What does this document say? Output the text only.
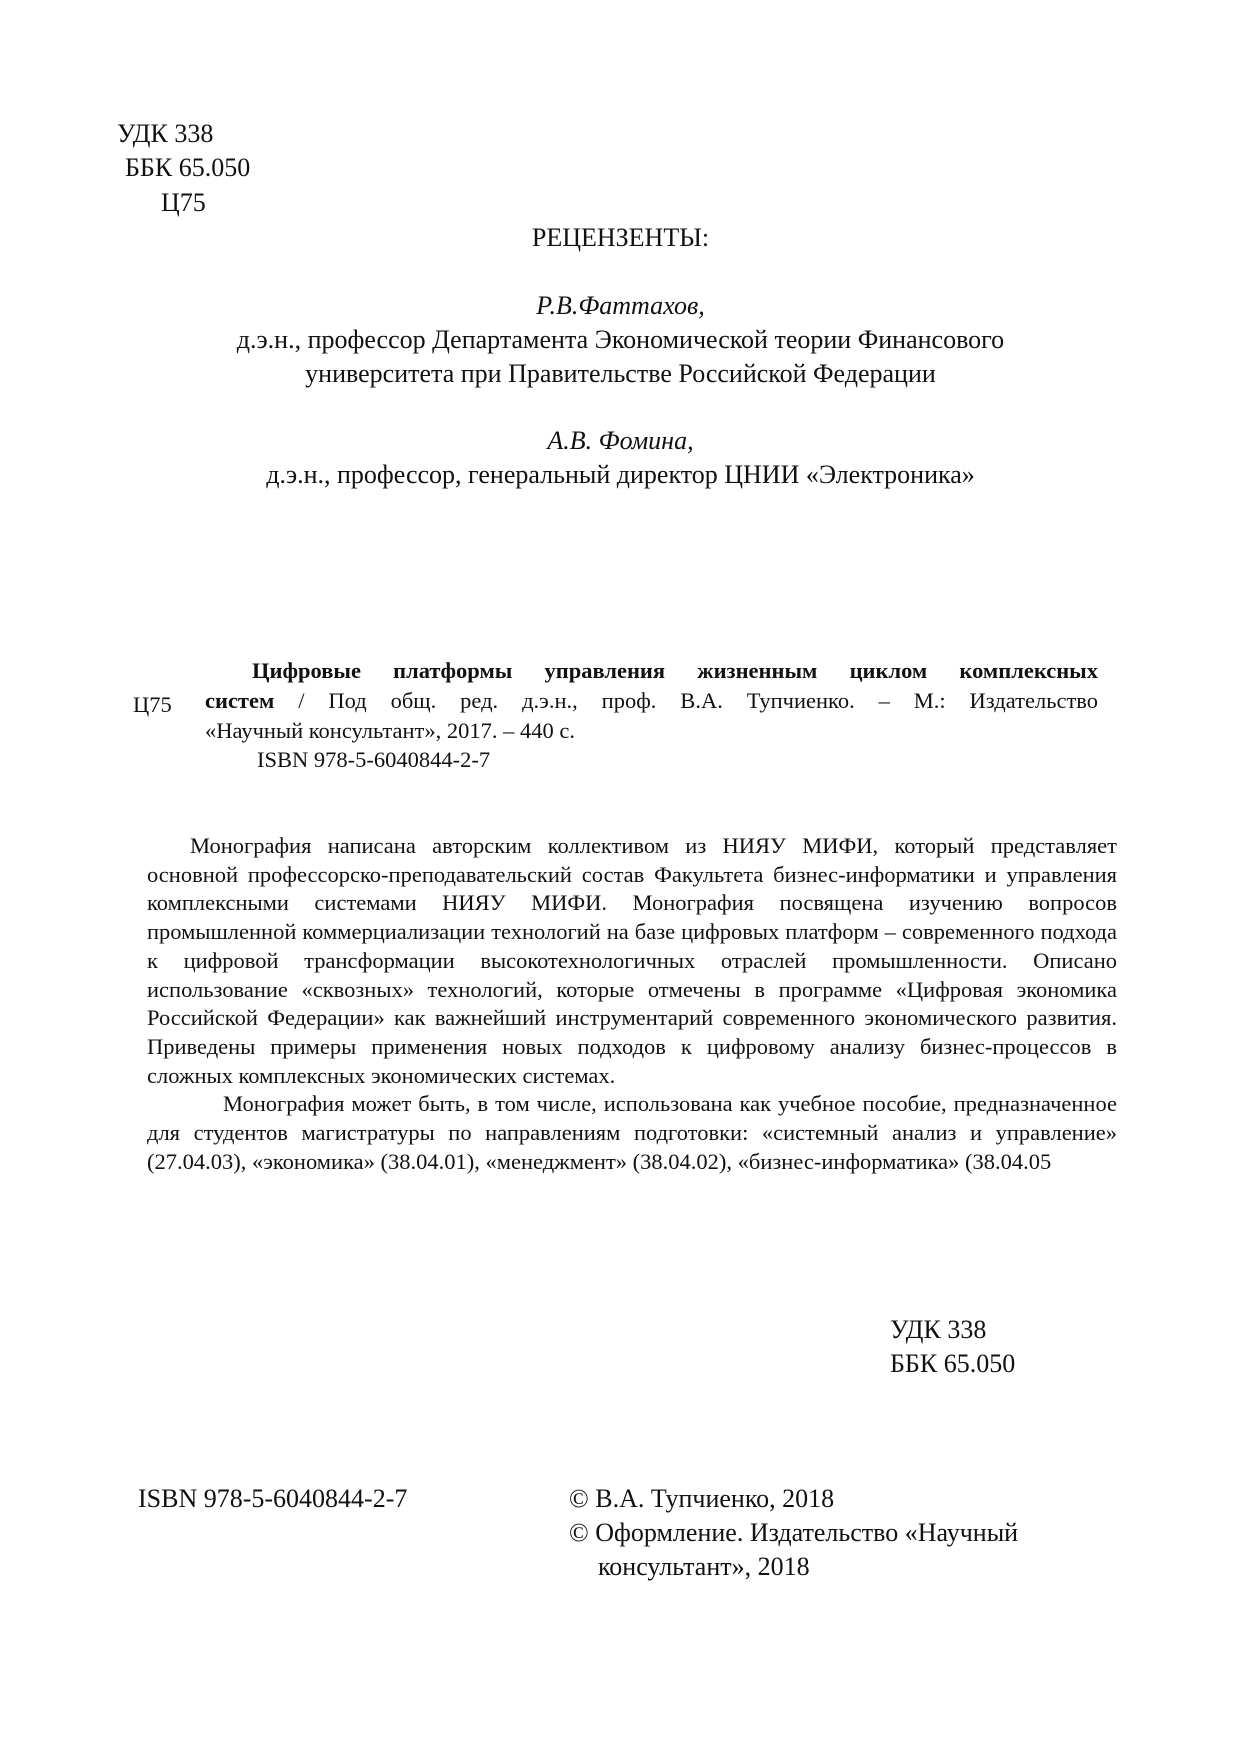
УДК 338
ББК 65.050
Ц75
РЕЦЕНЗЕНТЫ:
Р.В.Фаттахов,
д.э.н., профессор Департамента Экономической теории Финансового
университета при Правительстве Российской Федерации
А.В. Фомина,
д.э.н., профессор, генеральный директор ЦНИИ «Электроника»
Ц75
Цифровые платформы управления жизненным циклом комплексных
систем / Под общ. ред. д.э.н., проф. В.А. Тупчиенко. – М.: Издательство
«Научный консультант», 2017. – 440 с.
ISBN 978-5-6040844-2-7

Монография написана авторским коллективом из НИЯУ МИФИ, который представляет основной профессорско-преподавательский состав Факультета бизнес-информатики и управления комплексными системами НИЯУ МИФИ. Монография посвящена изучению вопросов промышленной коммерциализации технологий на базе цифровых платформ – современного подхода к цифровой трансформации высокотехнологичных отраслей промышленности. Описано использование «сквозных» технологий, которые отмечены в программе «Цифровая экономика Российской Федерации» как важнейший инструментарий современного экономического развития. Приведены примеры применения новых подходов к цифровому анализу бизнес-процессов в сложных комплексных экономических системах.

Монография может быть, в том числе, использована как учебное пособие, предназначенное для студентов магистратуры по направлениям подготовки: «системный анализ и управление» (27.04.03), «экономика» (38.04.01), «менеджмент» (38.04.02), «бизнес-информатика» (38.04.05

УДК 338
ББК 65.050
ISBN 978-5-6040844-2-7	© В.А. Тупчиенко, 2018
© Оформление. Издательство «Научный
консультант», 2018
